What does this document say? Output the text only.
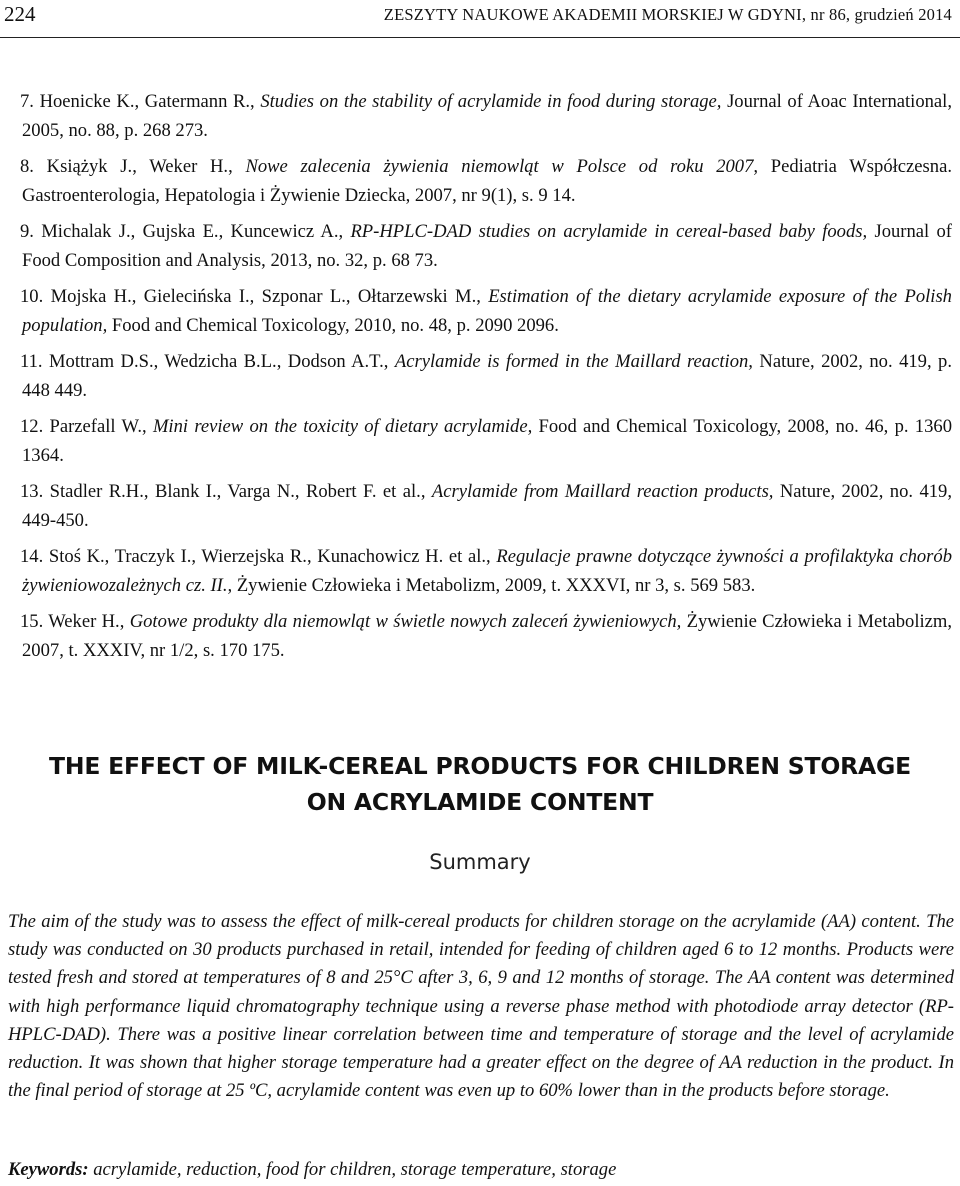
224	ZESZYTY NAUKOWE AKADEMII MORSKIEJ W GDYNI, nr 86, grudzień 2014
7. Hoenicke K., Gatermann R., Studies on the stability of acrylamide in food during storage, Journal of Aoac International, 2005, no. 88, p. 268 273.
8. Książyk J., Weker H., Nowe zalecenia żywienia niemowląt w Polsce od roku 2007, Pediatria Współczesna. Gastroenterologia, Hepatologia i Żywienie Dziecka, 2007, nr 9(1), s. 9 14.
9. Michalak J., Gujska E., Kuncewicz A., RP-HPLC-DAD studies on acrylamide in cereal-based baby foods, Journal of Food Composition and Analysis, 2013, no. 32, p. 68 73.
10. Mojska H., Gielecińska I., Szponar L., Ołtarzewski M., Estimation of the dietary acrylamide exposure of the Polish population, Food and Chemical Toxicology, 2010, no. 48, p. 2090 2096.
11. Mottram D.S., Wedzicha B.L., Dodson A.T., Acrylamide is formed in the Maillard reaction, Nature, 2002, no. 419, p. 448 449.
12. Parzefall W., Mini review on the toxicity of dietary acrylamide, Food and Chemical Toxicology, 2008, no. 46, p. 1360 1364.
13. Stadler R.H., Blank I., Varga N., Robert F. et al., Acrylamide from Maillard reaction products, Nature, 2002, no. 419, 449-450.
14. Stoś K., Traczyk I., Wierzejska R., Kunachowicz H. et al., Regulacje prawne dotyczące żywności a profilaktyka chorób żywieniowozależnych cz. II., Żywienie Człowieka i Metabolizm, 2009, t. XXXVI, nr 3, s. 569 583.
15. Weker H., Gotowe produkty dla niemowląt w świetle nowych zaleceń żywieniowych, Żywienie Człowieka i Metabolizm, 2007, t. XXXIV, nr 1/2, s. 170 175.
THE EFFECT OF MILK-CEREAL PRODUCTS FOR CHILDREN STORAGE
ON ACRYLAMIDE CONTENT
Summary

The aim of the study was to assess the effect of milk-cereal products for children storage on the acrylamide (AA) content. The study was conducted on 30 products purchased in retail, intended for feeding of children aged 6 to 12 months. Products were tested fresh and stored at temperatures of 8 and 25°C after 3, 6, 9 and 12 months of storage. The AA content was determined with high performance liquid chromatography technique using a reverse phase method with photodiode array detector (RP-HPLC-DAD). There was a positive linear correlation between time and temperature of storage and the level of acrylamide reduction. It was shown that higher storage temperature had a greater effect on the degree of AA reduction in the product. In the final period of storage at 25 ºC, acrylamide content was even up to 60% lower than in the products before storage.

Keywords: acrylamide, reduction, food for children, storage temperature, storage
